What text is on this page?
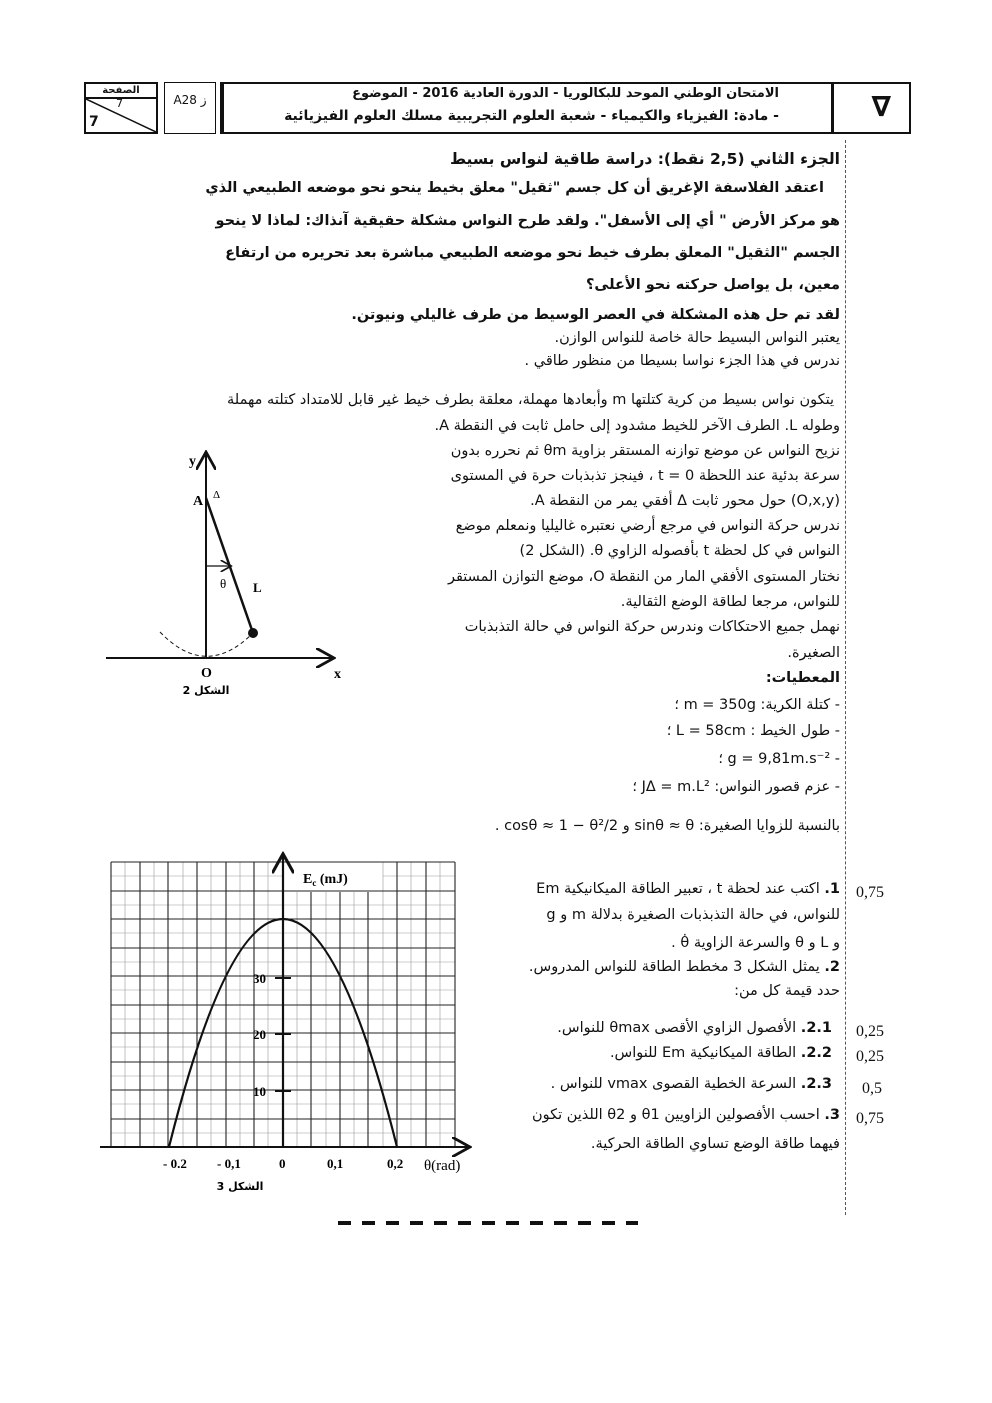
الصفحة
7
7
A28 ز	الامتحان الوطني الموحد للبكالوريا - الدورة العادية 2016 - الموضوع
- مادة: الفيزياء والكيمياء - شعبة العلوم التجريبية مسلك العلوم الفيزيائية	∇
الجزء الثاني (2,5 نقط): دراسة طاقية لنواس بسيط
اعتقد الفلاسفة الإغريق أن كل جسم "ثقيل" معلق بخيط ينحو نحو موضعه الطبيعي الذي
هو مركز الأرض " أي إلى الأسفل". ولقد طرح النواس مشكلة حقيقية آنذاك: لماذا لا ينحو
الجسم "الثقيل" المعلق بطرف خيط نحو موضعه الطبيعي مباشرة بعد تحريره من ارتفاع
معين، بل يواصل حركته نحو الأعلى؟
لقد تم حل هذه المشكلة في العصر الوسيط من طرف غاليلي ونيوتن.
يعتبر النواس البسيط حالة خاصة للنواس الوازن.
ندرس في هذا الجزء نواسا بسيطا من منظور طاقي .
يتكون نواس بسيط من كرية كتلتها m وأبعادها مهملة، معلقة بطرف خيط غير قابل للامتداد كتلته مهملة
وطوله L. الطرف الآخر للخيط مشدود إلى حامل ثابت في النقطة A.
نزيح النواس عن موضع توازنه المستقر بزاوية θm ثم نحرره بدون
سرعة بدئية عند اللحظة t = 0 ، فينجز تذبذبات حرة في المستوى
(O,x,y) حول محور ثابت Δ أفقي يمر من النقطة A.
ندرس حركة النواس في مرجع أرضي نعتبره غاليليا ونمعلم موضع
النواس في كل لحظة t بأفصوله الزاوي θ. (الشكل 2)
نختار المستوى الأفقي المار من النقطة O، موضع التوازن المستقر
للنواس، مرجعا لطاقة الوضع الثقالية.
نهمل جميع الاحتكاكات وندرس حركة النواس في حالة التذبذبات
الصغيرة.
المعطيات:
- كتلة الكرية: m = 350g ؛
- طول الخيط : L = 58cm ؛
- g = 9,81m.s⁻² ؛
- عزم قصور النواس: JΔ = m.L² ؛
بالنسبة للزوايا الصغيرة: sinθ ≈ θ و cosθ ≈ 1 − θ²/2 .
y
x
A Δ
θ L
O
الشكل 2
$E_c$ (mJ)
10
20
30
- 0.2 - 0,1	0	0,1	0,2 θ(rad)
الشكل 3
1. اكتب عند لحظة t ، تعبير الطاقة الميكانيكية Em
للنواس، في حالة التذبذبات الصغيرة بدلالة m و g
و L و θ والسرعة الزاوية θ̇ .
0,75
2. يمثل الشكل 3 مخطط الطاقة للنواس المدروس.
حدد قيمة كل من:
2.1. الأفصول الزاوي الأقصى θmax للنواس.	0,25
2.2. الطاقة الميكانيكية Em للنواس.	0,25
2.3. السرعة الخطية القصوى vmax للنواس .	0,5
3. احسب الأفصولين الزاويين θ1 و θ2 اللذين تكون
فيهما طاقة الوضع تساوي الطاقة الحركية.
0,75
